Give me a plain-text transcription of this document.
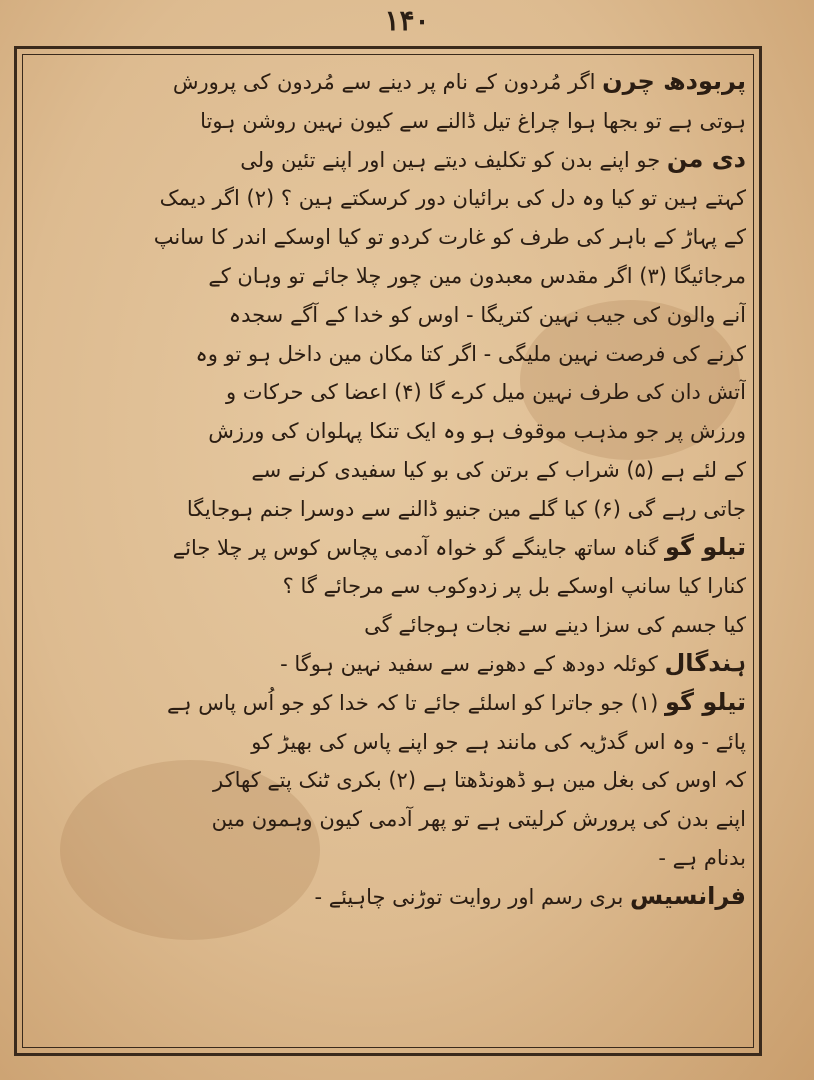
۱۴۰
پربودھ چرن اگر مُردون کے نام پر دینے سے مُردون کی پرورش
ہوتی ہے تو بجھا ہوا چراغ تیل ڈالنے سے کیون نہین روشن ہوتا
دی من جو اپنے بدن کو تکلیف دیتے ہین اور اپنے تئین ولی
کہتے ہین تو کیا وہ دل کی برائیان دور کرسکتے ہین ؟ (۲) اگر دیمک
کے پہاڑ کے باہر کی طرف کو غارت کردو تو کیا اوسکے اندر کا سانپ
مرجائیگا (۳) اگر مقدس معبدون مین چور چلا جائے تو وہان کے
آنے والون کی جیب نہین کتریگا - اوس کو خدا کے آگے سجدہ
کرنے کی فرصت نہین ملیگی - اگر کتا مکان مین داخل ہو تو وہ
آتش دان کی طرف نہین میل کرے گا (۴) اعضا کی حرکات و
ورزش پر جو مذہب موقوف ہو وہ ایک تنکا پہلوان کی ورزش
کے لئے ہے (۵) شراب کے برتن کی بو کیا سفیدی کرنے سے
جاتی رہے گی (۶) کیا گلے مین جنیو ڈالنے سے دوسرا جنم ہوجایگا
تیلو گو گناہ ساتھ جاینگے گو خواہ آدمی پچاس کوس پر چلا جائے
کنارا کیا سانپ اوسکے بل پر زدوکوب سے مرجائے گا ؟
کیا جسم کی سزا دینے سے نجات ہوجائے گی
ہندگال کوئلہ دودھ کے دھونے سے سفید نہین ہوگا -
تیلو گو (۱) جو جاترا کو اسلئے جائے تا کہ خدا کو جو اُس پاس ہے
پائے - وہ اس گدڑیہ کی مانند ہے جو اپنے پاس کی بھیڑ کو
کہ اوس کی بغل مین ہو ڈھونڈھتا ہے (۲) بکری ٹنک پتے کھاکر
اپنے بدن کی پرورش کرلیتی ہے تو پھر آدمی کیون وہمون مین
بدنام ہے -
فرانسیس بری رسم اور روایت توڑنی چاہیئے -
